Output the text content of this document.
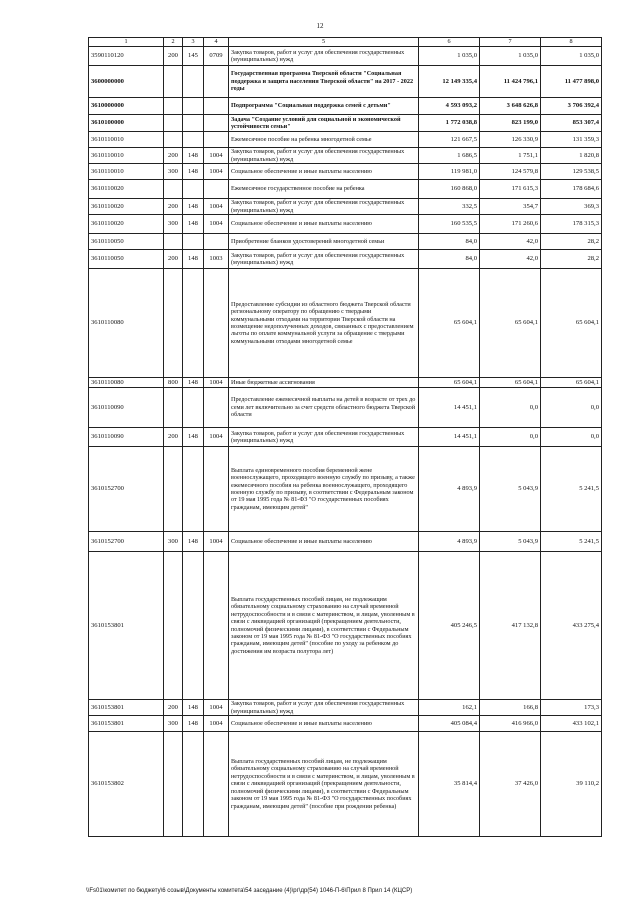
12
1	2	3	4	5	6	7	8
3590110120	200	145	0709	Закупка товаров, работ и услуг для обеспечения государственных (муниципальных) нужд	1 035,0	1 035,0	1 035,0
3600000000				Государственная программа Тверской области "Социальная поддержка и защита населения Тверской области" на 2017 - 2022 годы	12 149 335,4	11 424 796,1	11 477 898,0
3610000000				Подпрограмма "Социальная поддержка семей с детьми"	4 593 093,2	3 648 626,8	3 706 392,4
3610100000				Задача "Создание условий для социальной и экономической устойчивости семьи"	1 772 038,8	823 199,0	853 307,4
3610110010				Ежемесячное пособие на ребенка многодетной семье	121 667,5	126 330,9	131 359,3
3610110010	200	148	1004	Закупка товаров, работ и услуг для обеспечения государственных (муниципальных) нужд	1 686,5	1 751,1	1 820,8
3610110010	300	148	1004	Социальное обеспечение и иные выплаты населению	119 981,0	124 579,8	129 538,5
3610110020				Ежемесячное государственное пособие на ребенка	160 868,0	171 615,3	178 684,6
3610110020	200	148	1004	Закупка товаров, работ и услуг для обеспечения государственных (муниципальных) нужд	332,5	354,7	369,3
3610110020	300	148	1004	Социальное обеспечение и иные выплаты населению	160 535,5	171 260,6	178 315,3
3610110050				Приобретение бланков удостоверений многодетной семьи	84,0	42,0	28,2
3610110050	200	148	1003	Закупка товаров, работ и услуг для обеспечения государственных (муниципальных) нужд	84,0	42,0	28,2
3610110080				Предоставление субсидии из областного бюджета Тверской области региональному оператору по обращению с твердыми коммунальными отходами на территории Тверской области на возмещение недополученных доходов, связанных с предоставлением льготы по оплате коммунальной услуги за обращение с твердыми коммунальными отходами многодетной семье	65 604,1	65 604,1	65 604,1
3610110080	800	148	1004	Иные бюджетные ассигнования	65 604,1	65 604,1	65 604,1
3610110090				Предоставление ежемесячной выплаты на детей в возрасте от трех до семи лет включительно за счет средств областного бюджета Тверской области	14 451,1	0,0	0,0
3610110090	200	148	1004	Закупка товаров, работ и услуг для обеспечения государственных (муниципальных) нужд	14 451,1	0,0	0,0
3610152700				Выплата единовременного пособия беременной жене военнослужащего, проходящего военную службу по призыву, а также ежемесячного пособия на ребенка военнослужащего, проходящего военную службу по призыву, в соответствии с Федеральным законом от 19 мая 1995 года № 81-ФЗ "О государственных пособиях гражданам, имеющим детей"	4 893,9	5 043,9	5 241,5
3610152700	300	148	1004	Социальное обеспечение и иные выплаты населению	4 893,9	5 043,9	5 241,5
3610153801				Выплата государственных пособий лицам, не подлежащим обязательному социальному страхованию на случай временной нетрудоспособности и в связи с материнством, и лицам, уволенным в связи с ликвидацией организаций (прекращением деятельности, полномочий физическими лицами), в соответствии с Федеральным законом от 19 мая 1995 года № 81-ФЗ "О государственных пособиях гражданам, имеющим детей" (пособие по уходу за ребенком до достижения им возраста полутора лет)	405 246,5	417 132,8	433 275,4
3610153801	200	148	1004	Закупка товаров, работ и услуг для обеспечения государственных (муниципальных) нужд	162,1	166,8	173,3
3610153801	300	148	1004	Социальное обеспечение и иные выплаты населению	405 084,4	416 966,0	433 102,1
3610153802				Выплата государственных пособий лицам, не подлежащим обязательному социальному страхованию на случай временной нетрудоспособности и в связи с материнством, и лицам, уволенным в связи с ликвидацией организаций (прекращением деятельности, полномочий физическими лицами), в соответствии с Федеральным законом от 19 мая 1995 года № 81-ФЗ "О государственных пособиях гражданам, имеющим детей" (пособие при рождении ребенка)	35 814,4	37 426,0	39 110,2
\\Fs01\комитет по бюджету\6 созыв\Документы комитета\54 заседание (4)\рг\др(54) 1046-П-6\Прил 8 Прил 14 (КЦСР)
